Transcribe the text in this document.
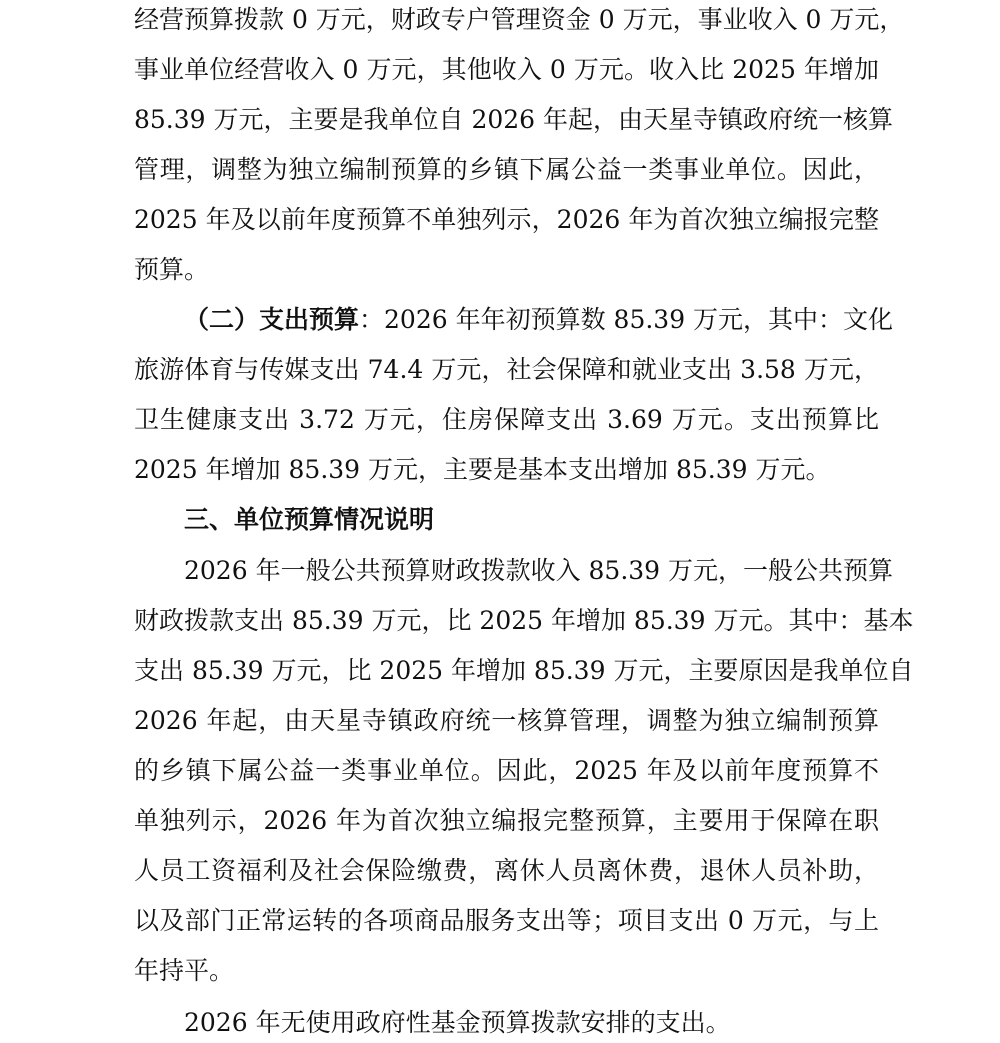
经营预算拨款 0 万元，财政专户管理资金 0 万元，事业收入 0 万元，
事业单位经营收入 0 万元，其他收入 0 万元。收入比 2025 年增加
85.39 万元，主要是我单位自 2026 年起，由天星寺镇政府统一核算
管理，调整为独立编制预算的乡镇下属公益一类事业单位。因此，
2025 年及以前年度预算不单独列示，2026 年为首次独立编报完整
预算。
（二）支出预算：2026 年年初预算数 85.39 万元，其中：文化
旅游体育与传媒支出 74.4 万元，社会保障和就业支出 3.58 万元，
卫生健康支出 3.72 万元，住房保障支出 3.69 万元。支出预算比
2025 年增加 85.39 万元，主要是基本支出增加 85.39 万元。
三、单位预算情况说明
2026 年一般公共预算财政拨款收入 85.39 万元，一般公共预算
财政拨款支出 85.39 万元，比 2025 年增加 85.39 万元。其中：基本
支出 85.39 万元，比 2025 年增加 85.39 万元，主要原因是我单位自
2026 年起，由天星寺镇政府统一核算管理，调整为独立编制预算
的乡镇下属公益一类事业单位。因此，2025 年及以前年度预算不
单独列示，2026 年为首次独立编报完整预算，主要用于保障在职
人员工资福利及社会保险缴费，离休人员离休费，退休人员补助，
以及部门正常运转的各项商品服务支出等；项目支出 0 万元，与上
年持平。
2026 年无使用政府性基金预算拨款安排的支出。
